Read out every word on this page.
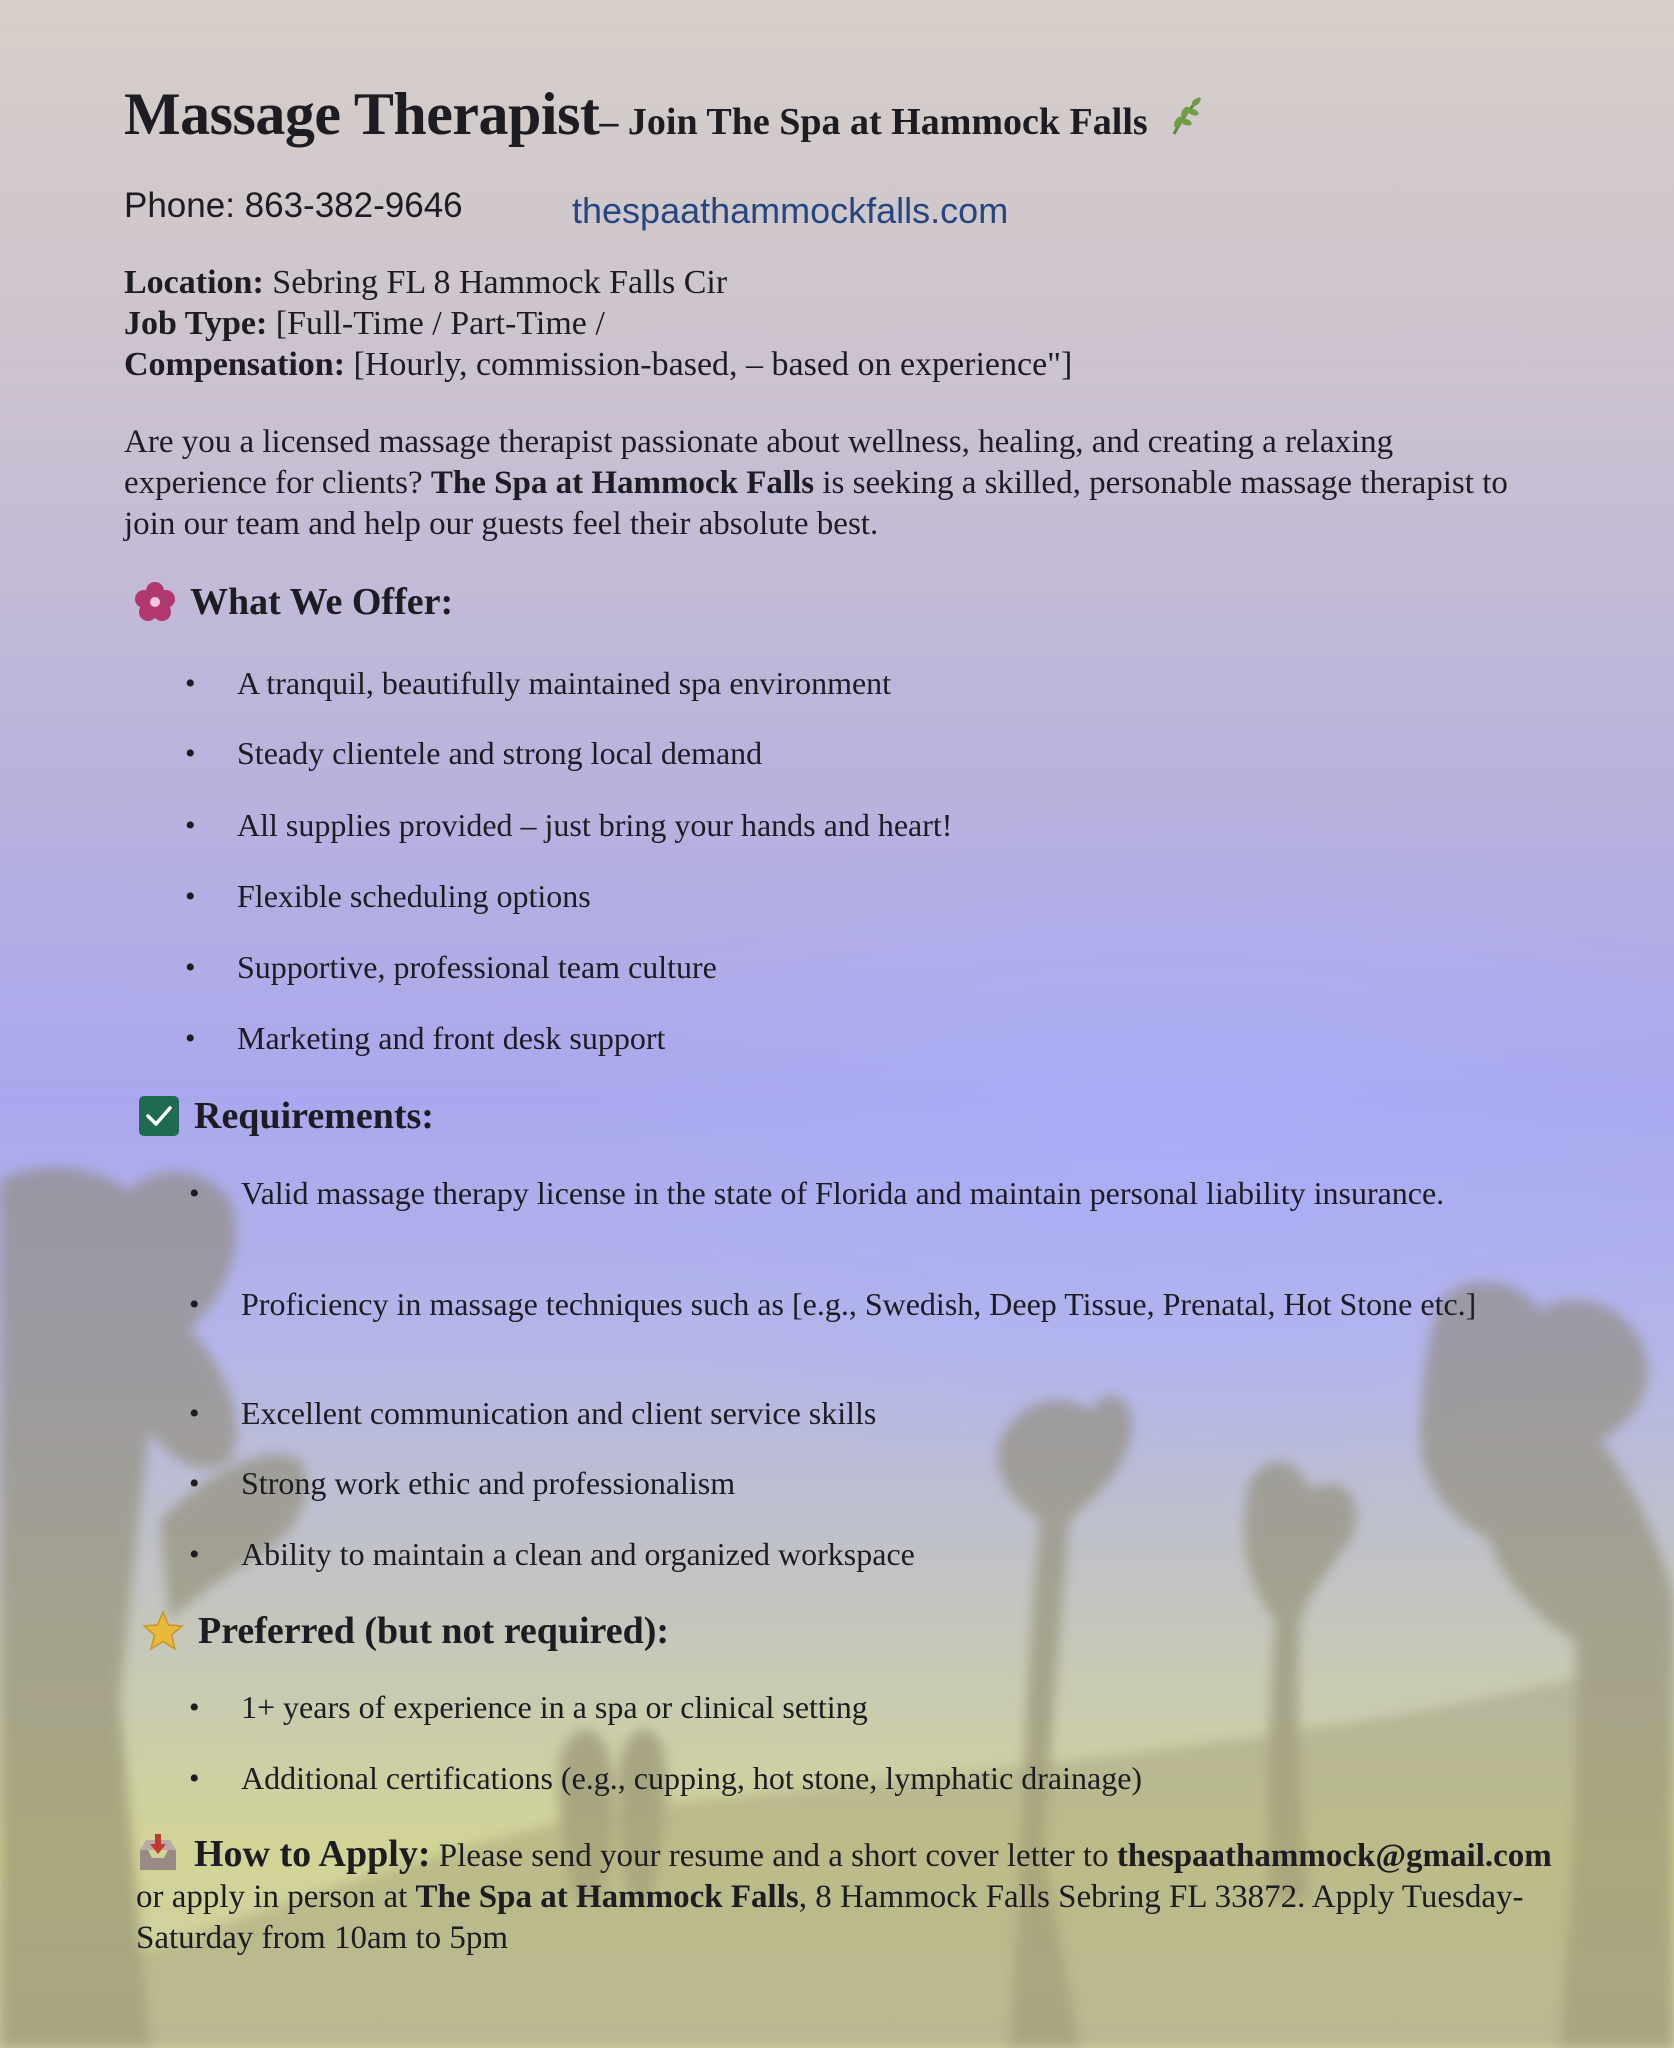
Massage Therapist – Join The Spa at Hammock Falls
Phone: 863-382-9646	thespaathammockfalls.com
Location: Sebring FL 8 Hammock Falls Cir
Job Type: [Full-Time / Part-Time /
Compensation: [Hourly, commission-based, – based on experience"]

Are you a licensed massage therapist passionate about wellness, healing, and creating a relaxing experience for clients? The Spa at Hammock Falls is seeking a skilled, personable massage therapist to join our team and help our guests feel their absolute best.

What We Offer:
• A tranquil, beautifully maintained spa environment
• Steady clientele and strong local demand
• All supplies provided – just bring your hands and heart!
• Flexible scheduling options
• Supportive, professional team culture
• Marketing and front desk support
Requirements:
• Valid massage therapy license in the state of Florida and maintain personal liability insurance.
• Proficiency in massage techniques such as [e.g., Swedish, Deep Tissue, Prenatal, Hot Stone etc.]
• Excellent communication and client service skills
• Strong work ethic and professionalism
• Ability to maintain a clean and organized workspace
Preferred (but not required):
• 1+ years of experience in a spa or clinical setting
• Additional certifications (e.g., cupping, hot stone, lymphatic drainage)

How to Apply: Please send your resume and a short cover letter to thespaathammock@gmail.com or apply in person at The Spa at Hammock Falls, 8 Hammock Falls Sebring FL 33872. Apply Tuesday-Saturday from 10am to 5pm
